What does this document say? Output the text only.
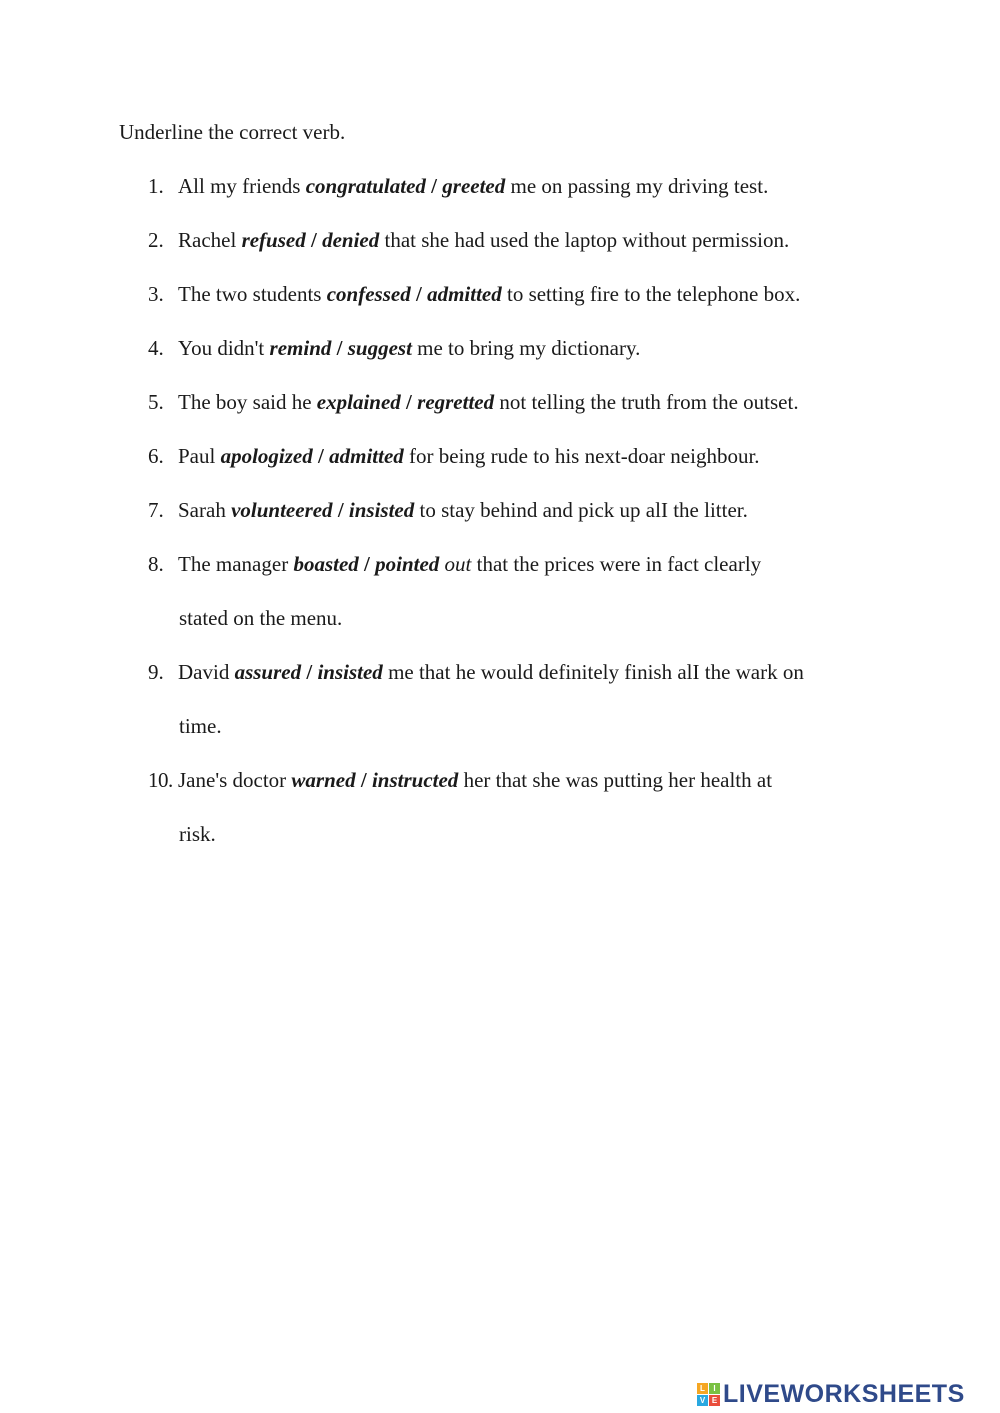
Underline the correct verb.
1. All my friends congratulated / greeted me on passing my driving test.
2. Rachel refused / denied that she had used the laptop without permission.
3. The two students confessed / admitted to setting fire to the telephone box.
4. You didn't remind / suggest me to bring my dictionary.
5. The boy said he explained / regretted not telling the truth from the outset.
6. Paul apologized / admitted for being rude to his next-doar neighbour.
7. Sarah volunteered / insisted to stay behind and pick up alI the litter.
8. The manager boasted / pointed out that the prices were in fact clearly
stated on the menu.
9. David assured / insisted me that he would definitely finish alI the wark on
time.
10. Jane's doctor warned / instructed her that she was putting her health at
risk.
L	I
V E LIVEWORKSHEETS
